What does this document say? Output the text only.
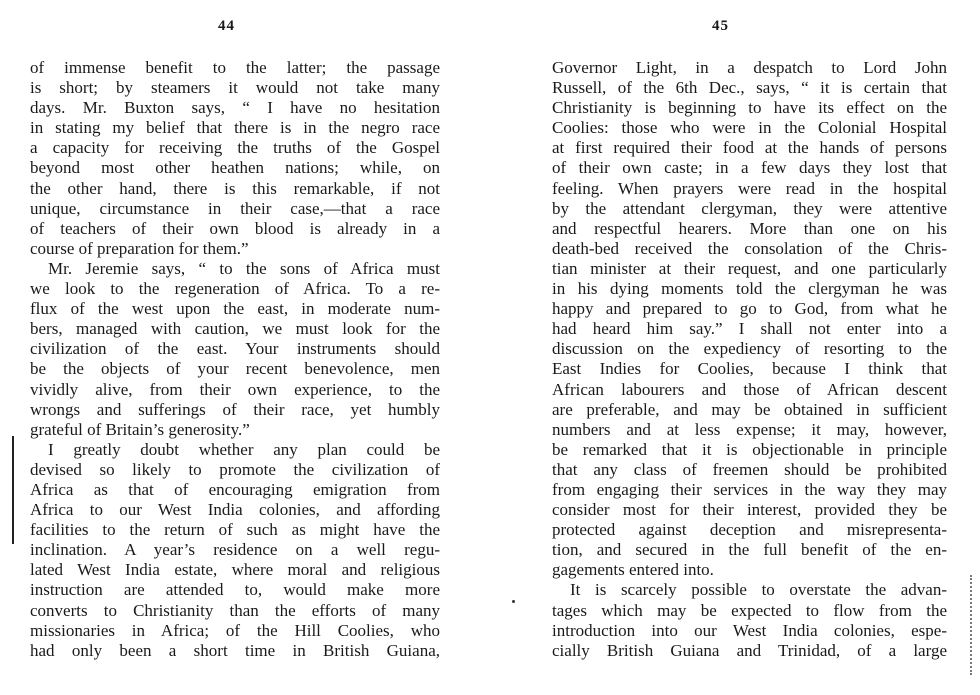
44
of immense benefit to the latter; the passage
is short; by steamers it would not take many
days. Mr. Buxton says, “ I have no hesitation
in stating my belief that there is in the negro race
a capacity for receiving the truths of the Gospel
beyond most other heathen nations; while, on
the other hand, there is this remarkable, if not
unique, circumstance in their case,—that a race
of teachers of their own blood is already in a
course of preparation for them.”
Mr. Jeremie says, “ to the sons of Africa must
we look to the regeneration of Africa. To a re-
flux of the west upon the east, in moderate num-
bers, managed with caution, we must look for the
civilization of the east. Your instruments should
be the objects of your recent benevolence, men
vividly alive, from their own experience, to the
wrongs and sufferings of their race, yet humbly
grateful of Britain’s generosity.”
I greatly doubt whether any plan could be
devised so likely to promote the civilization of
Africa as that of encouraging emigration from
Africa to our West India colonies, and affording
facilities to the return of such as might have the
inclination. A year’s residence on a well regu-
lated West India estate, where moral and religious
instruction are attended to, would make more
converts to Christianity than the efforts of many
missionaries in Africa; of the Hill Coolies, who
had only been a short time in British Guiana,
45
Governor Light, in a despatch to Lord John
Russell, of the 6th Dec., says, “ it is certain that
Christianity is beginning to have its effect on the
Coolies: those who were in the Colonial Hospital
at first required their food at the hands of persons
of their own caste; in a few days they lost that
feeling. When prayers were read in the hospital
by the attendant clergyman, they were attentive
and respectful hearers. More than one on his
death-bed received the consolation of the Chris-
tian minister at their request, and one particularly
in his dying moments told the clergyman he was
happy and prepared to go to God, from what he
had heard him say.” I shall not enter into a
discussion on the expediency of resorting to the
East Indies for Coolies, because I think that
African labourers and those of African descent
are preferable, and may be obtained in sufficient
numbers and at less expense; it may, however,
be remarked that it is objectionable in principle
that any class of freemen should be prohibited
from engaging their services in the way they may
consider most for their interest, provided they be
protected against deception and misrepresenta-
tion, and secured in the full benefit of the en-
gagements entered into.
It is scarcely possible to overstate the advan-
tages which may be expected to flow from the
introduction into our West India colonies, espe-
cially British Guiana and Trinidad, of a large
